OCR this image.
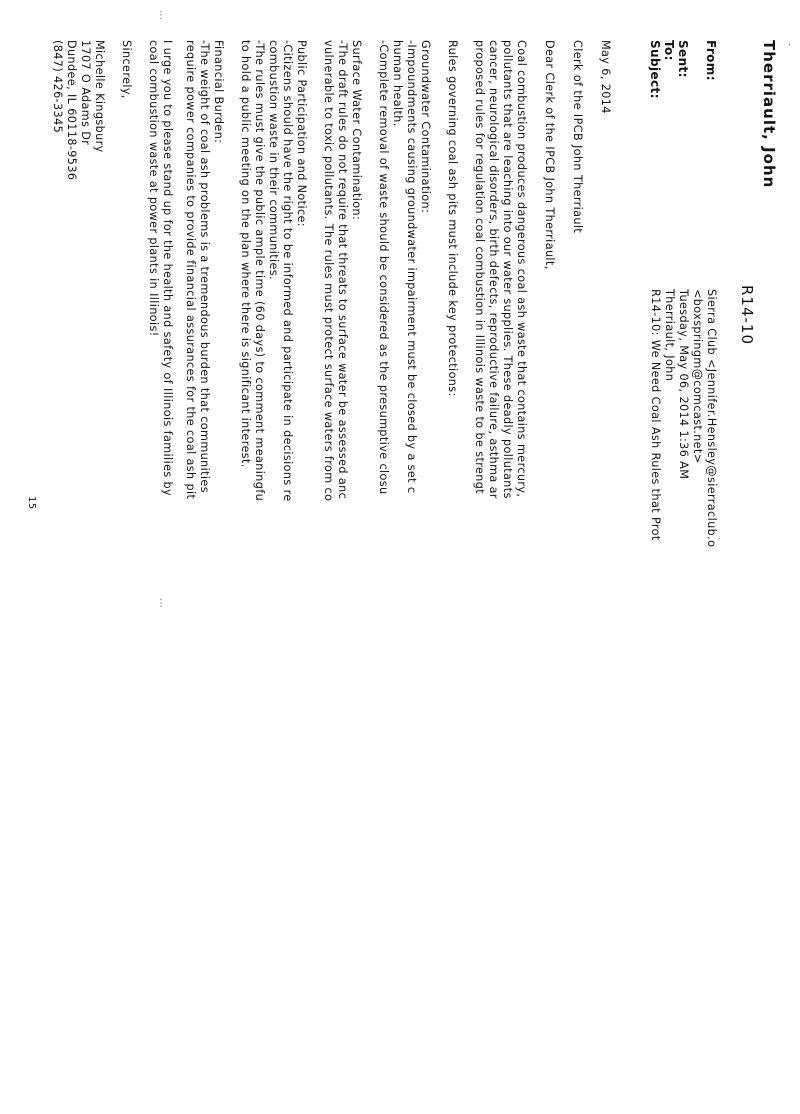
R14-10
Sierra Club <Jennifer.Hensley@sierraclub.o
<boxspringm@comcast.net>
Tuesday, May 06, 2014 1:36 AM
Therriault, John
R14-10: We Need Coal Ash Rules that Prot
Therriault, John
From:
Sent:
To:
Subject:
May 6, 2014
Clerk of the IPCB John Therriault
Dear Clerk of the IPCB John Therriault,
Coal combustion produces dangerous coal ash waste that contains mercury,
pollutants that are leaching into our water supplies. These deadly pollutants
cancer, neurological disorders, birth defects, reproductive failure, asthma ar
proposed rules for regulation coal combustion in Illinois waste to be strengt
Rules governing coal ash pits must include key protections:
Groundwater Contamination:
-Impoundments causing groundwater impairment must be closed by a set c
human health.
-Complete removal of waste should be considered as the presumptive closu
Surface Water Contamination:
-The draft rules do not require that threats to surface water be assessed anc
vulnerable to toxic pollutants. The rules must protect surface waters from co
Public Participation and Notice:
-Citizens should have the right to be informed and participate in decisions re
combustion waste in their communities.
-The rules must give the public ample time (60 days) to comment meaningfu
to hold a public meeting on the plan where there is significant interest.
Financial Burden:
-The weight of coal ash problems is a tremendous burden that communities
require power companies to provide financial assurances for the coal ash pit
I urge you to please stand up for the health and safety of Illinois families by
coal combustion waste at power plants in Illinois!
Sincerely,
Michelle Kingsbury
1707 O Adams Dr
Dundee, IL 60118-9536
(847) 426-3345
15
⋮
⋮
·
